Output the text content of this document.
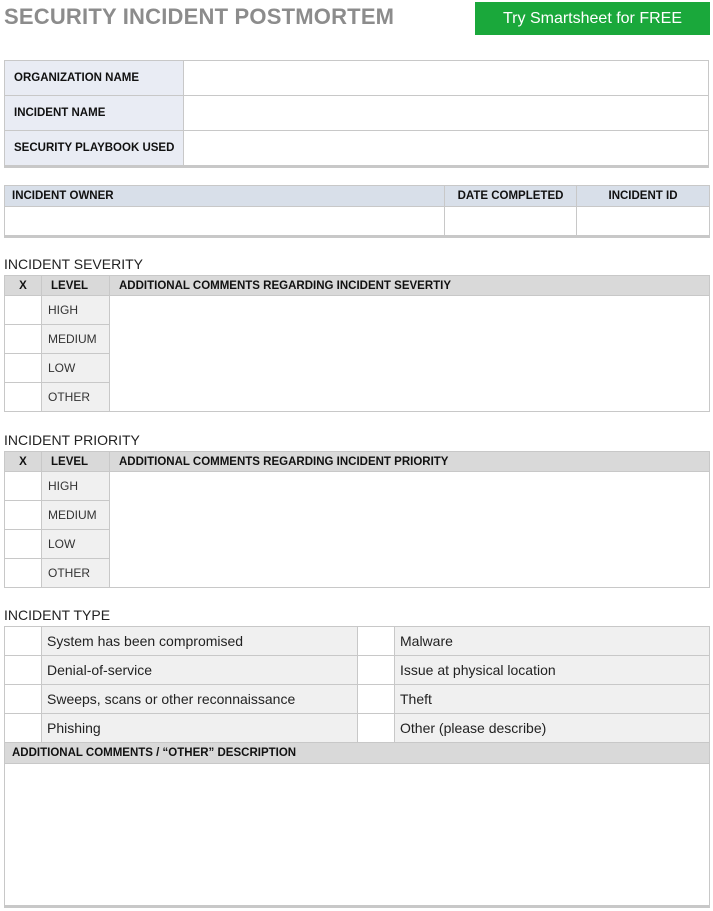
SECURITY INCIDENT POSTMORTEM	Try Smartsheet for FREE
ORGANIZATION NAME	
INCIDENT NAME	
SECURITY PLAYBOOK USED	
INCIDENT OWNER	DATE COMPLETED	INCIDENT ID

INCIDENT SEVERITY

X	LEVEL	ADDITIONAL COMMENTS REGARDING INCIDENT SEVERTIY
	HIGH	
	MEDIUM	
	LOW	
	OTHER	

INCIDENT PRIORITY

X	LEVEL	ADDITIONAL COMMENTS REGARDING INCIDENT PRIORITY
	HIGH	
	MEDIUM	
	LOW	
	OTHER	

INCIDENT TYPE

	System has been compromised		Malware
	Denial-of-service		Issue at physical location
	Sweeps, scans or other reconnaissance		Theft
	Phishing		Other (please describe)
ADDITIONAL COMMENTS / “OTHER” DESCRIPTION			
